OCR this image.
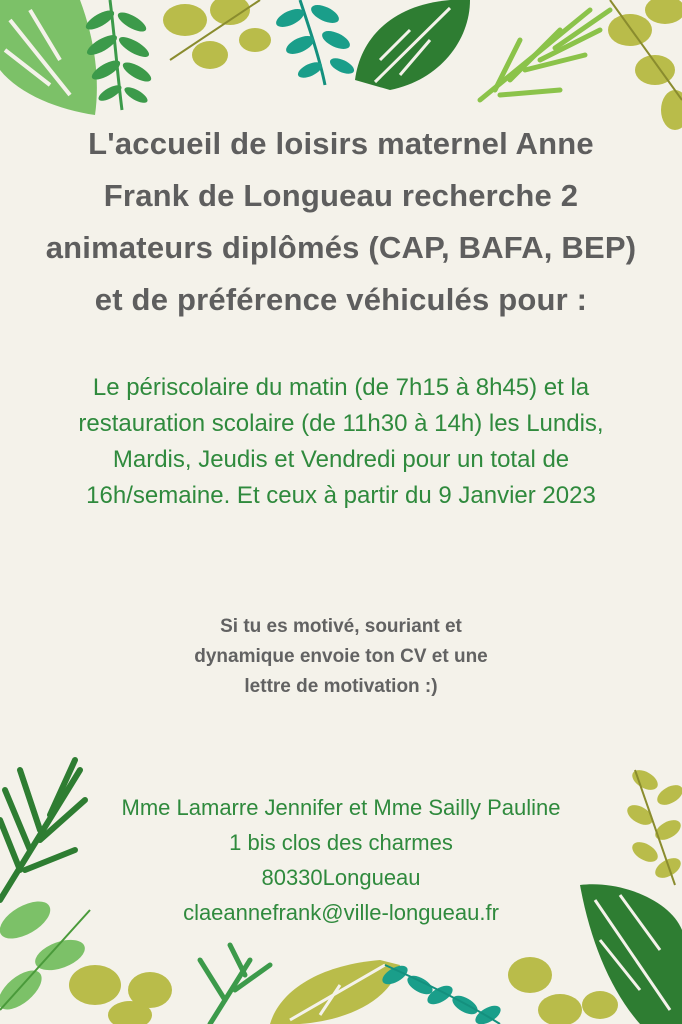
L'accueil de loisirs maternel Anne
Frank de Longueau recherche 2
animateurs diplômés (CAP, BAFA, BEP)
et de préférence véhiculés pour :
Le périscolaire du matin (de 7h15 à 8h45) et la
restauration scolaire (de 11h30 à 14h) les Lundis,
Mardis, Jeudis et Vendredi pour un total de
16h/semaine. Et ceux à partir du 9 Janvier 2023
Si tu es motivé, souriant et
dynamique envoie ton CV et une
lettre de motivation :)
Mme Lamarre Jennifer et Mme Sailly Pauline
1 bis clos des charmes
80330Longueau
claeannefrank@ville-longueau.fr
